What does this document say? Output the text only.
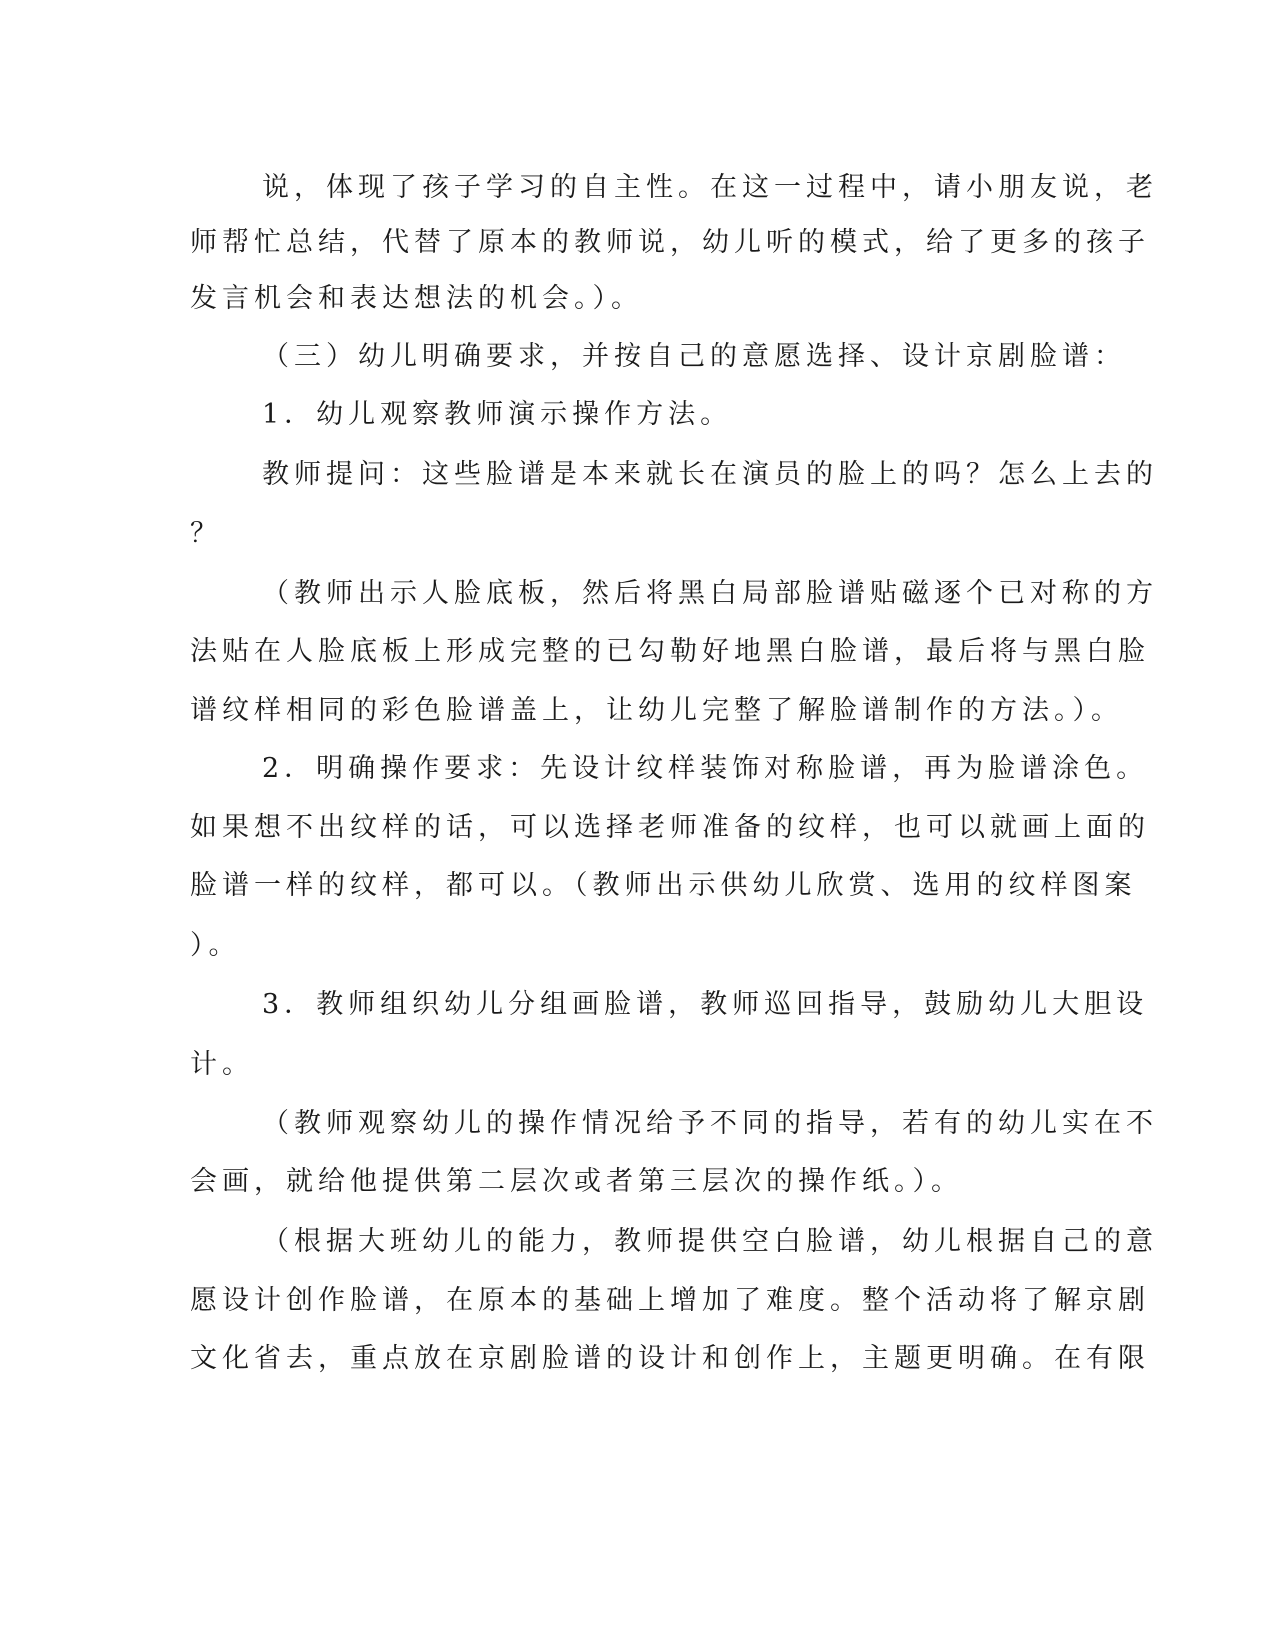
说，体现了孩子学习的自主性。在这一过程中，请小朋友说，老
师帮忙总结，代替了原本的教师说，幼儿听的模式，给了更多的孩子
发言机会和表达想法的机会。）。
（三）幼儿明确要求，并按自己的意愿选择、设计京剧脸谱：
1．幼儿观察教师演示操作方法。
教师提问：这些脸谱是本来就长在演员的脸上的吗？怎么上去的
？
（教师出示人脸底板，然后将黑白局部脸谱贴磁逐个已对称的方
法贴在人脸底板上形成完整的已勾勒好地黑白脸谱，最后将与黑白脸
谱纹样相同的彩色脸谱盖上，让幼儿完整了解脸谱制作的方法。）。
2．明确操作要求：先设计纹样装饰对称脸谱，再为脸谱涂色。
如果想不出纹样的话，可以选择老师准备的纹样，也可以就画上面的
脸谱一样的纹样，都可以。（教师出示供幼儿欣赏、选用的纹样图案
）。
3．教师组织幼儿分组画脸谱，教师巡回指导，鼓励幼儿大胆设
计。
（教师观察幼儿的操作情况给予不同的指导，若有的幼儿实在不
会画，就给他提供第二层次或者第三层次的操作纸。）。
（根据大班幼儿的能力，教师提供空白脸谱，幼儿根据自己的意
愿设计创作脸谱，在原本的基础上增加了难度。整个活动将了解京剧
文化省去，重点放在京剧脸谱的设计和创作上，主题更明确。在有限
